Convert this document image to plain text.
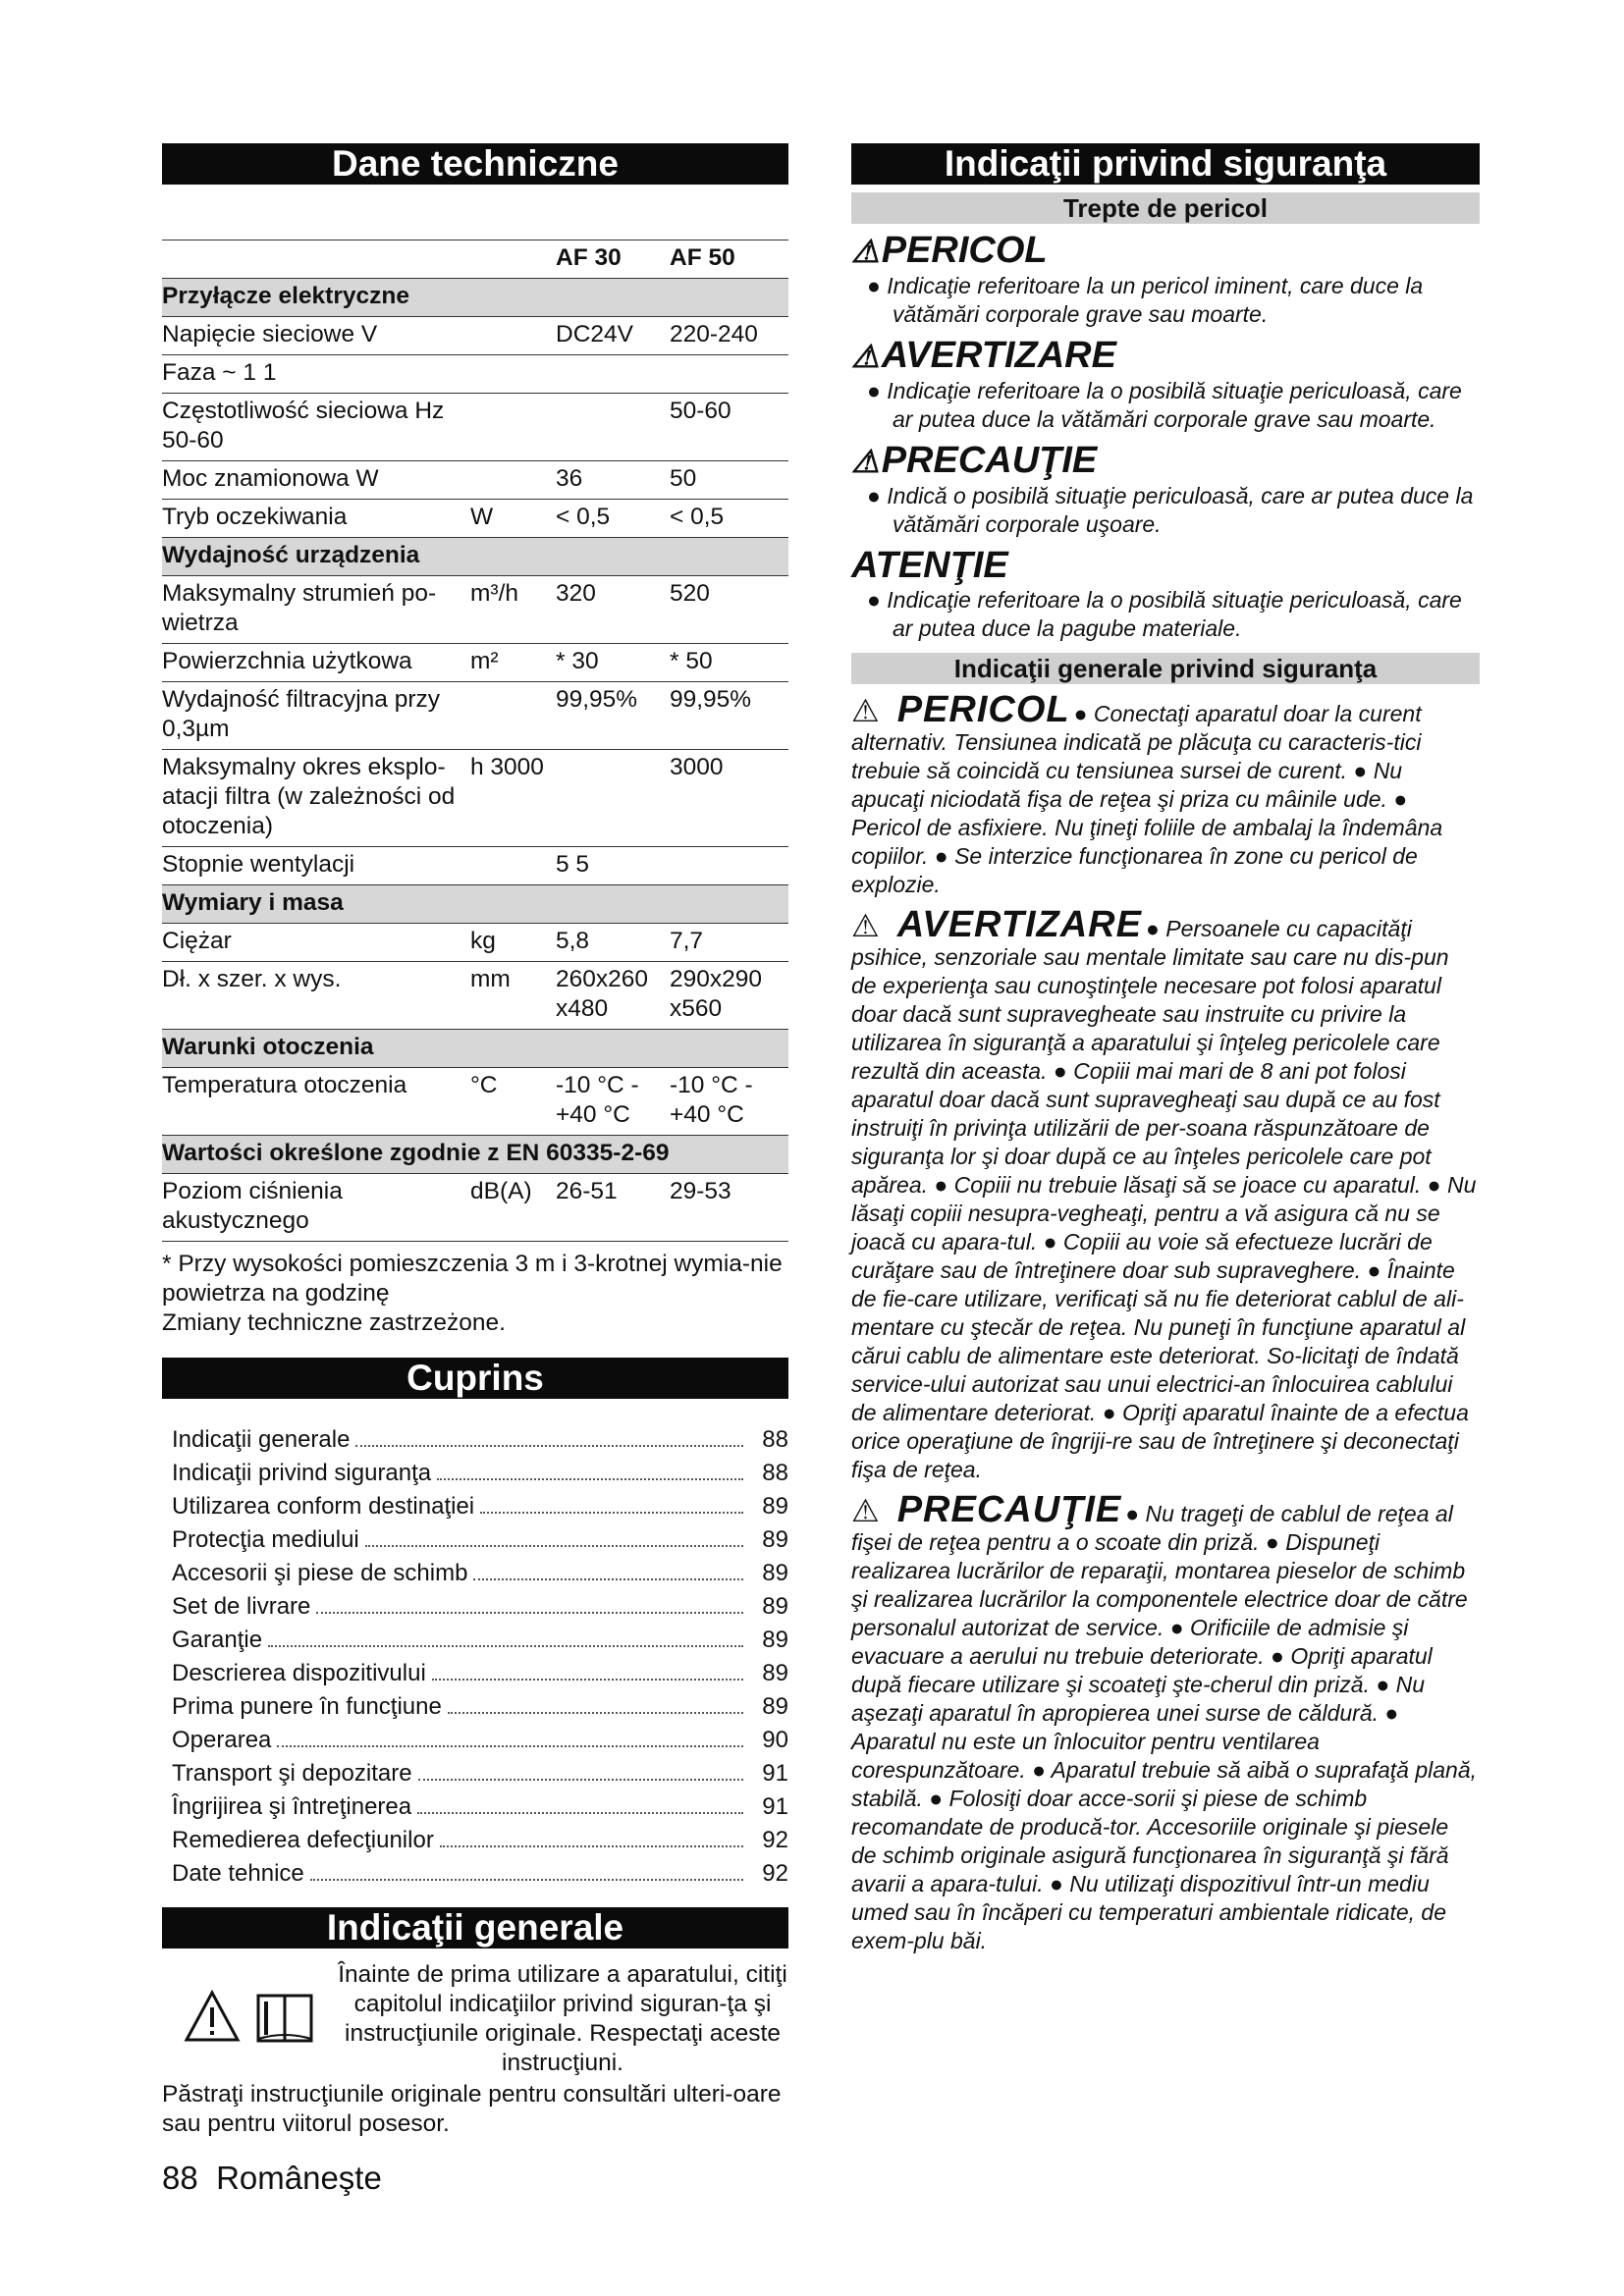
Dane techniczne
		AF 30	AF 50
Przyłącze elektryczne			
Napięcie sieciowe V		DC24V	220-240
Faza ~ 1 1			
Częstotliwość sieciowa Hz 50-60			50-60
Moc znamionowa W		36	50
Tryb oczekiwania	W	< 0,5	< 0,5
Wydajność urządzenia			
Maksymalny strumień po-wietrza	m³/h	320	520
Powierzchnia użytkowa	m²	* 30	* 50
Wydajność filtracyjna przy 0,3µm		99,95%	99,95%
Maksymalny okres eksplo-atacji filtra (w zależności od otoczenia)	h 3000		3000
Stopnie wentylacji		5 5	
Wymiary i masa			
Ciężar	kg	5,8	7,7
Dł. x szer. x wys.	mm	260x260 x480	290x290 x560
Warunki otoczenia			
Temperatura otoczenia	°C	-10 °C - +40 °C	-10 °C - +40 °C
Wartości określone zgodnie z EN 60335-2-69			
Poziom ciśnienia akustycznego	dB(A)	26-51	29-53
* Przy wysokości pomieszczenia 3 m i 3-krotnej wymia-nie powietrza na godzinę
Zmiany techniczne zastrzeżone.
Cuprins
Indicaţii generale	88
Indicaţii privind siguranţa	88
Utilizarea conform destinaţiei	89
Protecţia mediului	89
Accesorii şi piese de schimb	89
Set de livrare	89
Garanţie	89
Descrierea dispozitivului	89
Prima punere în funcţiune	89
Operarea	90
Transport şi depozitare	91
Îngrijirea şi întreţinerea	91
Remedierea defecţiunilor	92
Date tehnice	92
Indicaţii generale
Înainte de prima utilizare a aparatului, citiţi capitolul indicaţiilor privind siguran-ţa şi instrucţiunile originale. Respectaţi aceste instrucţiuni.
Păstraţi instrucţiunile originale pentru consultări ulteri-oare sau pentru viitorul posesor.
Indicaţii privind siguranţa
Trepte de pericol
⚠PERICOL
● Indicaţie referitoare la un pericol iminent, care duce la vătămări corporale grave sau moarte.
⚠AVERTIZARE
● Indicaţie referitoare la o posibilă situaţie periculoasă, care ar putea duce la vătămări corporale grave sau moarte.
⚠PRECAUŢIE
● Indică o posibilă situaţie periculoasă, care ar putea duce la vătămări corporale uşoare.
ATENŢIE
● Indicaţie referitoare la o posibilă situaţie periculoasă, care ar putea duce la pagube materiale.
Indicaţii generale privind siguranţa
⚠ PERICOL ● Conectaţi aparatul doar la curent alternativ. Tensiunea indicată pe plăcuţa cu caracteris-tici trebuie să coincidă cu tensiunea sursei de curent. ● Nu apucaţi niciodată fişa de reţea şi priza cu mâinile ude. ● Pericol de asfixiere. Nu ţineţi foliile de ambalaj la îndemâna copiilor. ● Se interzice funcţionarea în zone cu pericol de explozie.
⚠ AVERTIZARE ● Persoanele cu capacităţi psihice, senzoriale sau mentale limitate sau care nu dis-pun de experienţa sau cunoştinţele necesare pot folosi aparatul doar dacă sunt supravegheate sau instruite cu privire la utilizarea în siguranţă a aparatului şi înţeleg pericolele care rezultă din aceasta. ● Copiii mai mari de 8 ani pot folosi aparatul doar dacă sunt supravegheaţi sau după ce au fost instruiţi în privinţa utilizării de per-soana răspunzătoare de siguranţa lor şi doar după ce au înţeles pericolele care pot apărea. ● Copiii nu trebuie lăsaţi să se joace cu aparatul. ● Nu lăsaţi copiii nesupra-vegheaţi, pentru a vă asigura că nu se joacă cu apara-tul. ● Copiii au voie să efectueze lucrări de curăţare sau de întreţinere doar sub supraveghere. ● Înainte de fie-care utilizare, verificaţi să nu fie deteriorat cablul de ali-mentare cu ştecăr de reţea. Nu puneţi în funcţiune aparatul al cărui cablu de alimentare este deteriorat. So-licitaţi de îndată service-ului autorizat sau unui electrici-an înlocuirea cablului de alimentare deteriorat. ● Opriţi aparatul înainte de a efectua orice operaţiune de îngriji-re sau de întreţinere şi deconectaţi fişa de reţea.
⚠ PRECAUŢIE ● Nu trageţi de cablul de reţea al fişei de reţea pentru a o scoate din priză. ● Dispuneţi realizarea lucrărilor de reparaţii, montarea pieselor de schimb şi realizarea lucrărilor la componentele electrice doar de către personalul autorizat de service. ● Orificiile de admisie şi evacuare a aerului nu trebuie deteriorate. ● Opriţi aparatul după fiecare utilizare şi scoateţi şte-cherul din priză. ● Nu aşezaţi aparatul în apropierea unei surse de căldură. ● Aparatul nu este un înlocuitor pentru ventilarea corespunzătoare. ● Aparatul trebuie să aibă o suprafaţă plană, stabilă. ● Folosiţi doar acce-sorii şi piese de schimb recomandate de producă-tor. Accesoriile originale şi piesele de schimb originale asigură funcţionarea în siguranţă şi fără avarii a apara-tului. ● Nu utilizaţi dispozitivul într-un mediu umed sau în încăperi cu temperaturi ambientale ridicate, de exem-plu băi.
88 Româneşte
